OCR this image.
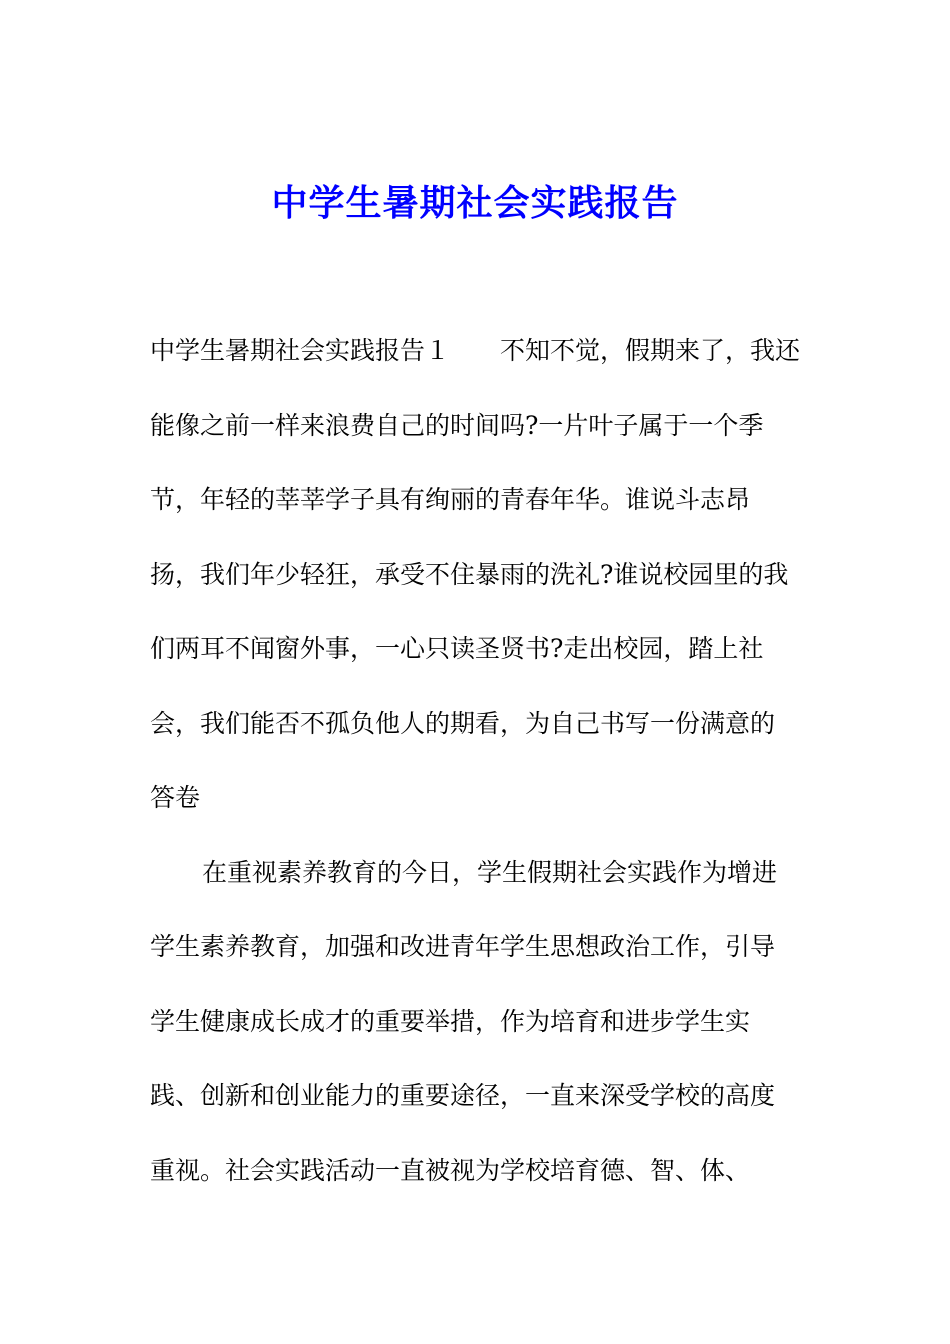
中学生暑期社会实践报告
中学生暑期社会实践报告１ 不知不觉，假期来了，我还
能像之前一样来浪费自己的时间吗?一片叶子属于一个季
节，年轻的莘莘学子具有绚丽的青春年华。谁说斗志昂
扬，我们年少轻狂，承受不住暴雨的洗礼?谁说校园里的我
们两耳不闻窗外事，一心只读圣贤书?走出校园，踏上社
会，我们能否不孤负他人的期看，为自己书写一份满意的
答卷
在重视素养教育的今日，学生假期社会实践作为增进
学生素养教育，加强和改进青年学生思想政治工作，引导
学生健康成长成才的重要举措，作为培育和进步学生实
践、创新和创业能力的重要途径，一直来深受学校的高度
重视。社会实践活动一直被视为学校培育德、智、体、
